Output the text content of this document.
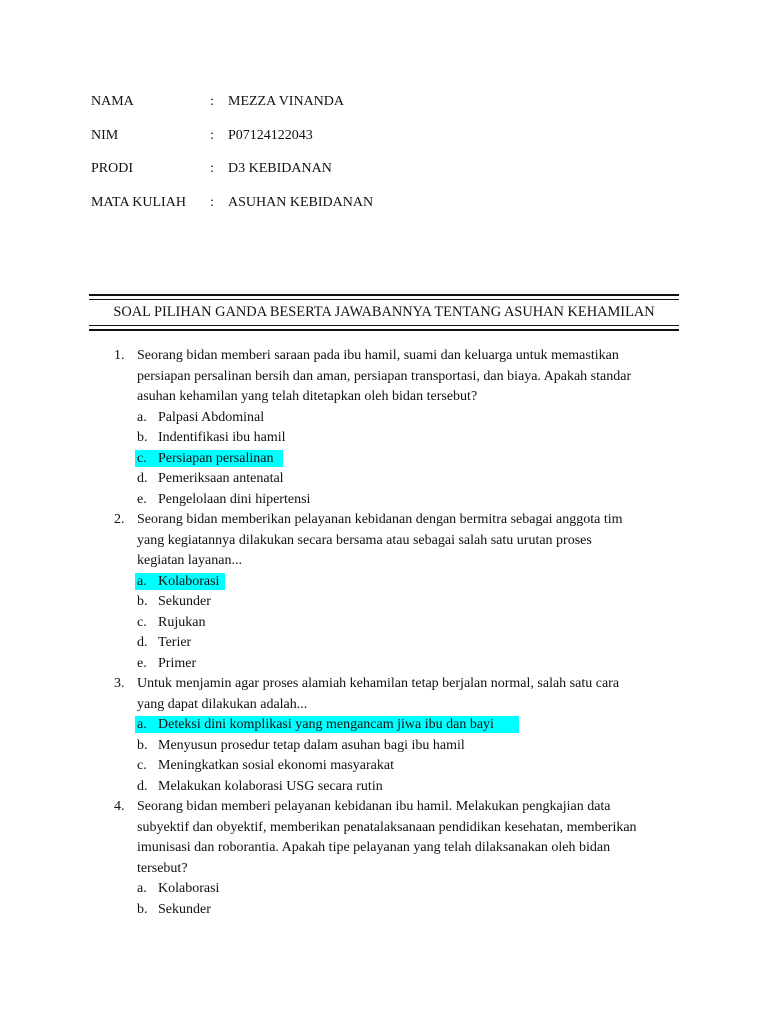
NAMA	: MEZZA VINANDA
NIM	: P07124122043
PRODI	: D3 KEBIDANAN
MATA KULIAH : ASUHAN KEBIDANAN
SOAL PILIHAN GANDA BESERTA JAWABANNYA TENTANG ASUHAN KEHAMILAN
1. Seorang bidan memberi saraan pada ibu hamil, suami dan keluarga untuk memastikan
persiapan persalinan bersih dan aman, persiapan transportasi, dan biaya. Apakah standar
asuhan kehamilan yang telah ditetapkan oleh bidan tersebut?
a. Palpasi Abdominal
b. Indentifikasi ibu hamil
c. Persiapan persalinan
d. Pemeriksaan antenatal
e. Pengelolaan dini hipertensi
2. Seorang bidan memberikan pelayanan kebidanan dengan bermitra sebagai anggota tim
yang kegiatannya dilakukan secara bersama atau sebagai salah satu urutan proses
kegiatan layanan...
a. Kolaborasi
b. Sekunder
c. Rujukan
d. Terier
e. Primer
3. Untuk menjamin agar proses alamiah kehamilan tetap berjalan normal, salah satu cara
yang dapat dilakukan adalah...
a. Deteksi dini komplikasi yang mengancam jiwa ibu dan bayi
b. Menyusun prosedur tetap dalam asuhan bagi ibu hamil
c. Meningkatkan sosial ekonomi masyarakat
d. Melakukan kolaborasi USG secara rutin
4. Seorang bidan memberi pelayanan kebidanan ibu hamil. Melakukan pengkajian data
subyektif dan obyektif, memberikan penatalaksanaan pendidikan kesehatan, memberikan
imunisasi dan roborantia. Apakah tipe pelayanan yang telah dilaksanakan oleh bidan
tersebut?
a. Kolaborasi
b. Sekunder
